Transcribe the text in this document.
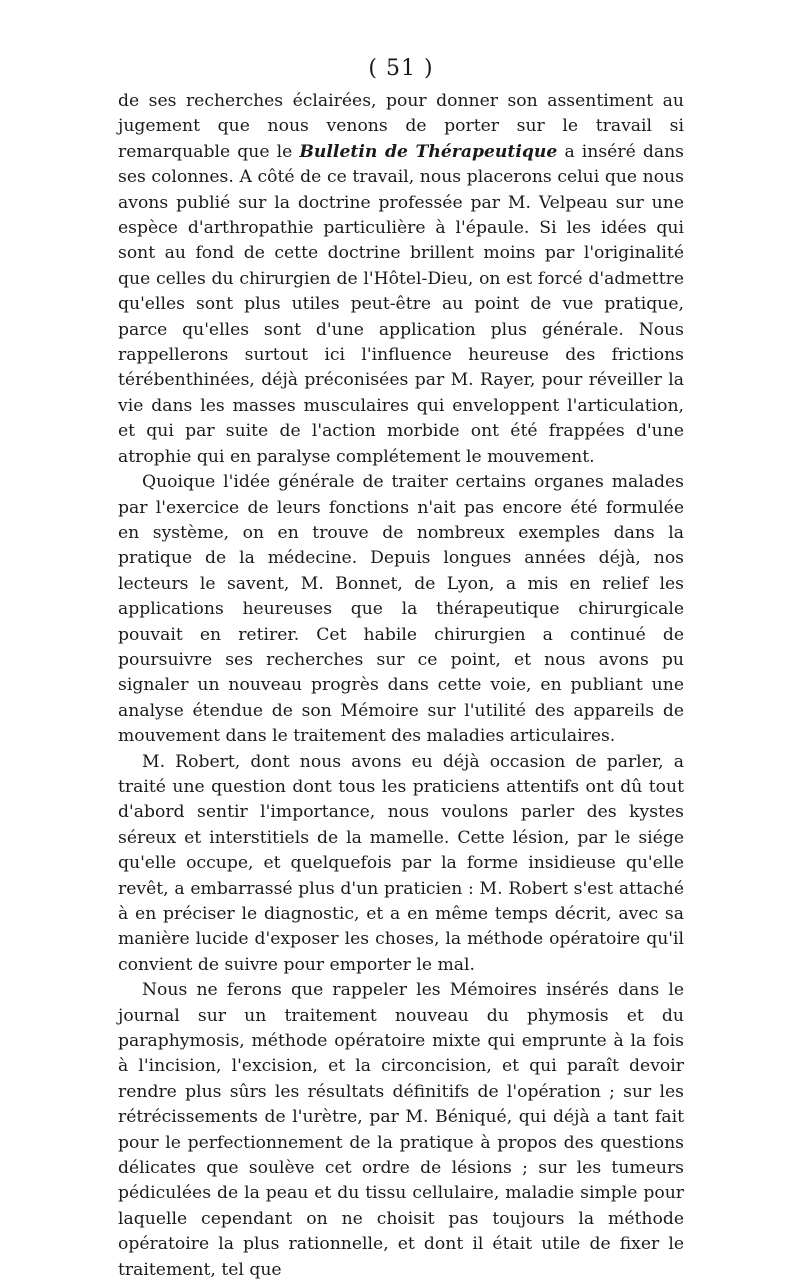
( 51 )

de ses recherches éclairées, pour donner son assentiment au jugement que nous venons de porter sur le travail si remarquable que le Bulletin de Thérapeutique a inséré dans ses colonnes. A côté de ce travail, nous placerons celui que nous avons publié sur la doctrine professée par M. Velpeau sur une espèce d'arthropathie particulière à l'épaule. Si les idées qui sont au fond de cette doctrine brillent moins par l'originalité que celles du chirurgien de l'Hôtel-Dieu, on est forcé d'admettre qu'elles sont plus utiles peut-être au point de vue pratique, parce qu'elles sont d'une application plus générale. Nous rappellerons surtout ici l'influence heureuse des frictions térébenthinées, déjà préconisées par M. Rayer, pour réveiller la vie dans les masses musculaires qui enveloppent l'articulation, et qui par suite de l'action morbide ont été frappées d'une atrophie qui en paralyse complétement le mouvement.

Quoique l'idée générale de traiter certains organes malades par l'exercice de leurs fonctions n'ait pas encore été formulée en système, on en trouve de nombreux exemples dans la pratique de la médecine. Depuis longues années déjà, nos lecteurs le savent, M. Bonnet, de Lyon, a mis en relief les applications heureuses que la thérapeutique chirurgicale pouvait en retirer. Cet habile chirurgien a continué de poursuivre ses recherches sur ce point, et nous avons pu signaler un nouveau progrès dans cette voie, en publiant une analyse étendue de son Mémoire sur l'utilité des appareils de mouvement dans le traitement des maladies articulaires.

M. Robert, dont nous avons eu déjà occasion de parler, a traité une question dont tous les praticiens attentifs ont dû tout d'abord sentir l'importance, nous voulons parler des kystes séreux et interstitiels de la mamelle. Cette lésion, par le siége qu'elle occupe, et quelquefois par la forme insidieuse qu'elle revêt, a embarrassé plus d'un praticien : M. Robert s'est attaché à en préciser le diagnostic, et a en même temps décrit, avec sa manière lucide d'exposer les choses, la méthode opératoire qu'il convient de suivre pour emporter le mal.

Nous ne ferons que rappeler les Mémoires insérés dans le journal sur un traitement nouveau du phymosis et du paraphymosis, méthode opératoire mixte qui emprunte à la fois à l'incision, l'excision, et la circoncision, et qui paraît devoir rendre plus sûrs les résultats définitifs de l'opération ; sur les rétrécissements de l'urètre, par M. Béniqué, qui déjà a tant fait pour le perfectionnement de la pratique à propos des questions délicates que soulève cet ordre de lésions ; sur les tumeurs pédiculées de la peau et du tissu cellulaire, maladie simple pour laquelle cependant on ne choisit pas toujours la méthode opératoire la plus rationnelle, et dont il était utile de fixer le traitement, tel que
